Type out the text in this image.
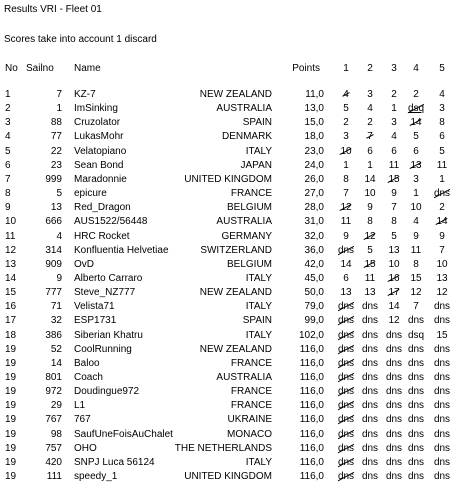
Results VRI - Fleet 01
Scores take into account 1 discard
No Sailno Name	Points	1	2	3	4	5
1	7 KZ-7	NEW ZEALAND	11,0	4	3	2	2	4
2	1 ImSinking	AUSTRALIA	13,0	5	4	1	dsq	3
3	88 Cruzolator	SPAIN	15,0	2	2	3	14	8
4	77 LukasMohr	DENMARK	18,0	3	7	4	5	6
5	22 Velatopiano	ITALY	23,0	10	6	6	6	5
6	23 Sean Bond	JAPAN	24,0	1	1	11	13	11
7	999 Maradonnie	UNITED KINGDOM	26,0	8	14	15	3	1
8	5 epicure	FRANCE	27,0	7	10	9	1	dns
9	13 Red_Dragon	BELGIUM	28,0	12	9	7	10	2
10	666 AUS1522/56448	AUSTRALIA	31,0	11	8	8	4	14
11	4 HRC Rocket	GERMANY	32,0	9	12	5	9	9
12	314 Konfluentia Helvetiae	SWITZERLAND	36,0	dns	5	13	11	7
13	909 OvD	BELGIUM	42,0	14	15	10	8	10
14	9 Alberto Carraro	ITALY	45,0	6	11	16	15	13
15	777 Steve_NZ777	NEW ZEALAND	50,0	13	13	17	12	12
16	71 Velista71	ITALY	79,0	dns dns	14	7	dns
17	32 ESP1731	SPAIN	99,0	dns dns	12 dns dns
18	386 Siberian Khatru	ITALY	102,0	dns dns dns dsq	15
19	52 CoolRunning	NEW ZEALAND	116,0	dns dns dns dns dns
19	14 Baloo	FRANCE	116,0	dns dns dns dns dns
19	801 Coach	AUSTRALIA	116,0	dns dns dns dns dns
19	972 Doudingue972	FRANCE	116,0	dns dns dns dns dns
19	29 L1	FRANCE	116,0	dns dns dns dns dns
19	767 767	UKRAINE	116,0	dns dns dns dns dns
19	98 SaufUneFoisAuChalet	MONACO	116,0	dns dns dns dns dns
19	757 OHO	THE NETHERLANDS	116,0	dns dns dns dns dns
19	420 SNPJ Luca 56124	ITALY	116,0	dns dns dns dns dns
19	111 speedy_1	UNITED KINGDOM	116,0	dns dns dns dns dns
